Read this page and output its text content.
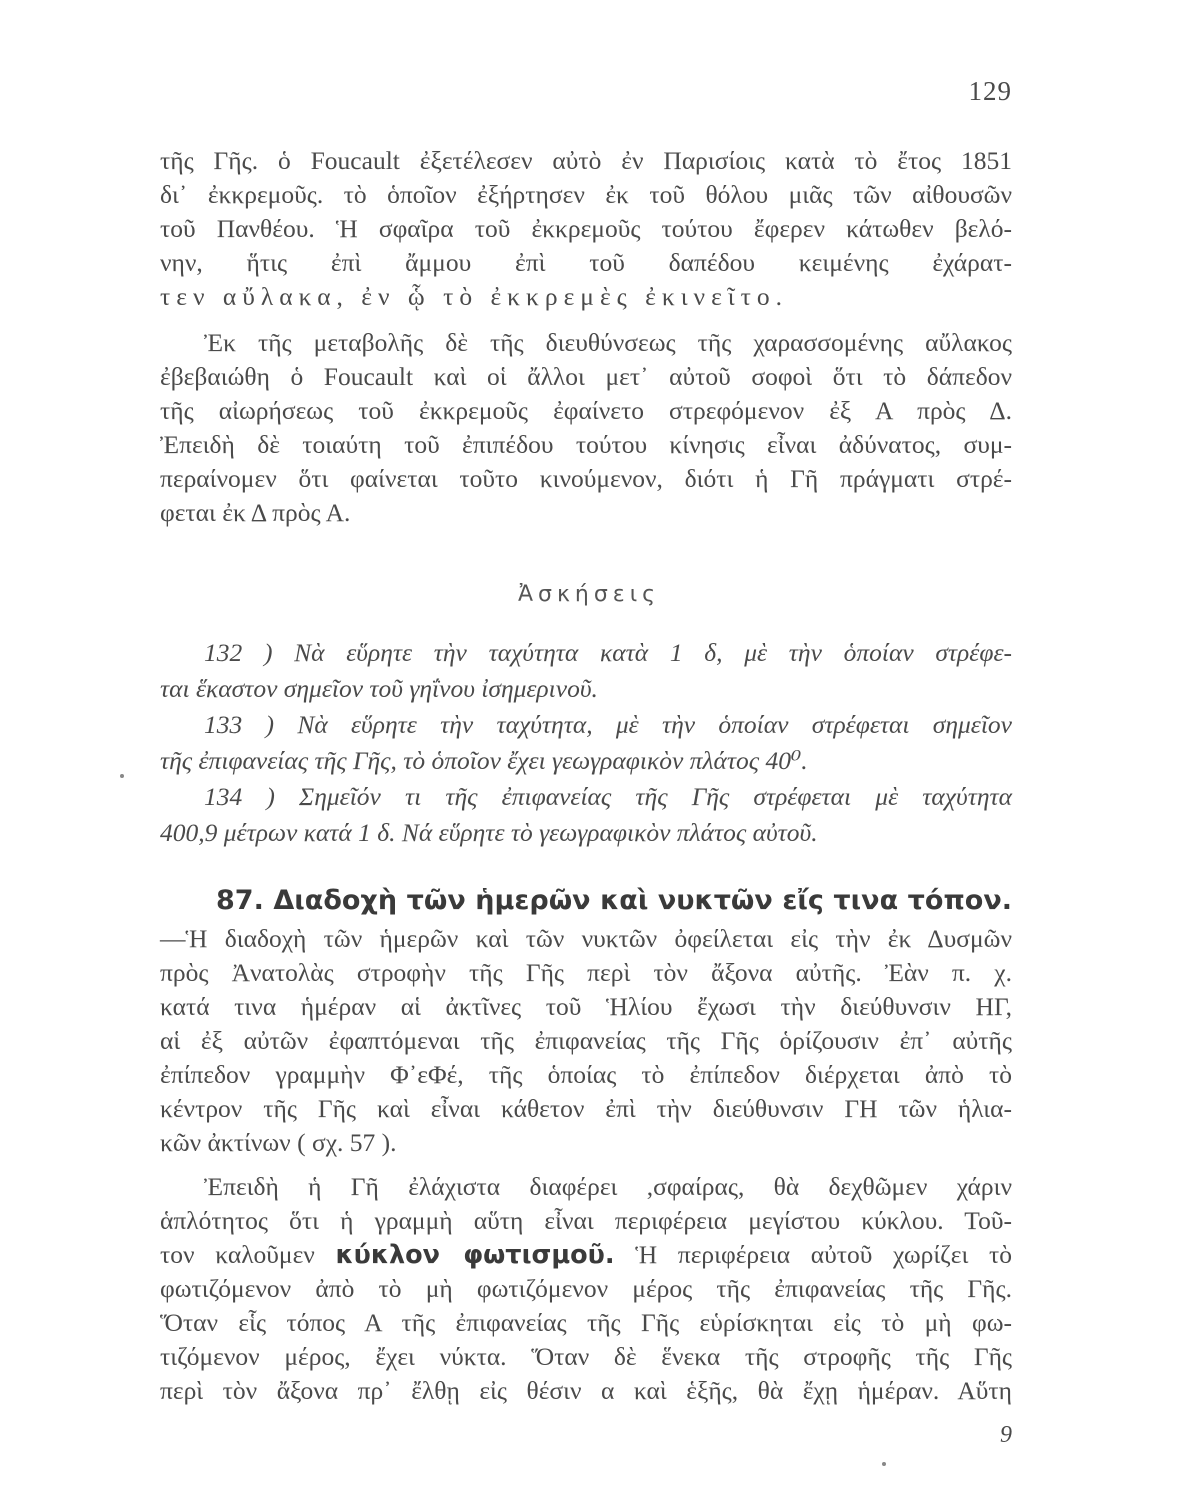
129
τῆς Γῆς. ὁ Foucault ἐξετέλεσεν αὐτὸ ἐν Παρισίοις κατὰ τὸ ἔτος 1851
δι᾽ ἐκκρεμοῦς. τὸ ὁποῖον ἐξήρτησεν ἐκ τοῦ θόλου μιᾶς τῶν αἰθουσῶν
τοῦ Πανθέου. Ἡ σφαῖρα τοῦ ἐκκρεμοῦς τούτου ἔφερεν κάτωθεν βελό-
νην, ἥτις ἐπὶ ἄμμου ἐπὶ τοῦ δαπέδου κειμένης ἐχάρατ-
τεν αὔλακα, ἐν ᾧ τὸ ἐκκρεμὲς ἐκινεῖτο.
Ἐκ τῆς μεταβολῆς δὲ τῆς διευθύνσεως τῆς χαρασσομένης αὔλακος
ἐβεβαιώθη ὁ Foucault καὶ οἱ ἄλλοι μετ᾽ αὐτοῦ σοφοὶ ὅτι τὸ δάπεδον
τῆς αἰωρήσεως τοῦ ἐκκρεμοῦς ἐφαίνετο στρεφόμενον ἐξ Α πρὸς Δ.
Ἐπειδὴ δὲ τοιαύτη τοῦ ἐπιπέδου τούτου κίνησις εἶναι ἀδύνατος, συμ-
περαίνομεν ὅτι φαίνεται τοῦτο κινούμενον, διότι ἡ Γῆ πράγματι στρέ-
φεται ἐκ Δ πρὸς Α.
Ἀσκήσεις
132 ) Νὰ εὕρητε τὴν ταχύτητα κατὰ 1 δ, μὲ τὴν ὁποίαν στρέφε-
ται ἕκαστον σημεῖον τοῦ γηΐνου ἰσημερινοῦ.
133 ) Νὰ εὕρητε τὴν ταχύτητα, μὲ τὴν ὁποίαν στρέφεται σημεῖον
τῆς ἐπιφανείας τῆς Γῆς, τὸ ὁποῖον ἔχει γεωγραφικὸν πλάτος 40⁰.
134 ) Σημεῖόν τι τῆς ἐπιφανείας τῆς Γῆς στρέφεται μὲ ταχύτητα
400,9 μέτρων κατά 1 δ. Νά εὕρητε τὸ γεωγραφικὸν πλάτος αὐτοῦ.
87. Διαδοχὴ τῶν ἡμερῶν καὶ νυκτῶν εἴς τινα τόπον.
—Ἡ διαδοχὴ τῶν ἡμερῶν καὶ τῶν νυκτῶν ὀφείλεται εἰς τὴν ἐκ Δυσμῶν
πρὸς Ἀνατολὰς στροφὴν τῆς Γῆς περὶ τὸν ἄξονα αὐτῆς. Ἐὰν π. χ.
κατά τινα ἡμέραν αἱ ἀκτῖνες τοῦ Ἡλίου ἔχωσι τὴν διεύθυνσιν ΗΓ,
αἱ ἐξ αὐτῶν ἐφαπτόμεναι τῆς ἐπιφανείας τῆς Γῆς ὁρίζουσιν ἐπ᾽ αὐτῆς
ἐπίπεδον γραμμὴν Φ᾽εΦέ, τῆς ὁποίας τὸ ἐπίπεδον διέρχεται ἀπὸ τὸ
κέντρον τῆς Γῆς καὶ εἶναι κάθετον ἐπὶ τὴν διεύθυνσιν ΓΗ τῶν ἡλια-
κῶν ἀκτίνων ( σχ. 57 ).
Ἐπειδὴ ἡ Γῆ ἐλάχιστα διαφέρει ,σφαίρας, θὰ δεχθῶμεν χάριν
ἁπλότητος ὅτι ἡ γραμμὴ αὕτη εἶναι περιφέρεια μεγίστου κύκλου. Τοῦ-
τον καλοῦμεν κύκλον φωτισμοῦ. Ἡ περιφέρεια αὐτοῦ χωρίζει τὸ
φωτιζόμενον ἀπὸ τὸ μὴ φωτιζόμενον μέρος τῆς ἐπιφανείας τῆς Γῆς.
Ὅταν εἷς τόπος Α τῆς ἐπιφανείας τῆς Γῆς εὑρίσκηται εἰς τὸ μὴ φω-
τιζόμενον μέρος, ἔχει νύκτα. Ὅταν δὲ ἕνεκα τῆς στροφῆς τῆς Γῆς
περὶ τὸν ἄξονα πρ᾽ ἔλθῃ εἰς θέσιν α καὶ ἑξῆς, θὰ ἔχῃ ἡμέραν. Αὕτη
9
